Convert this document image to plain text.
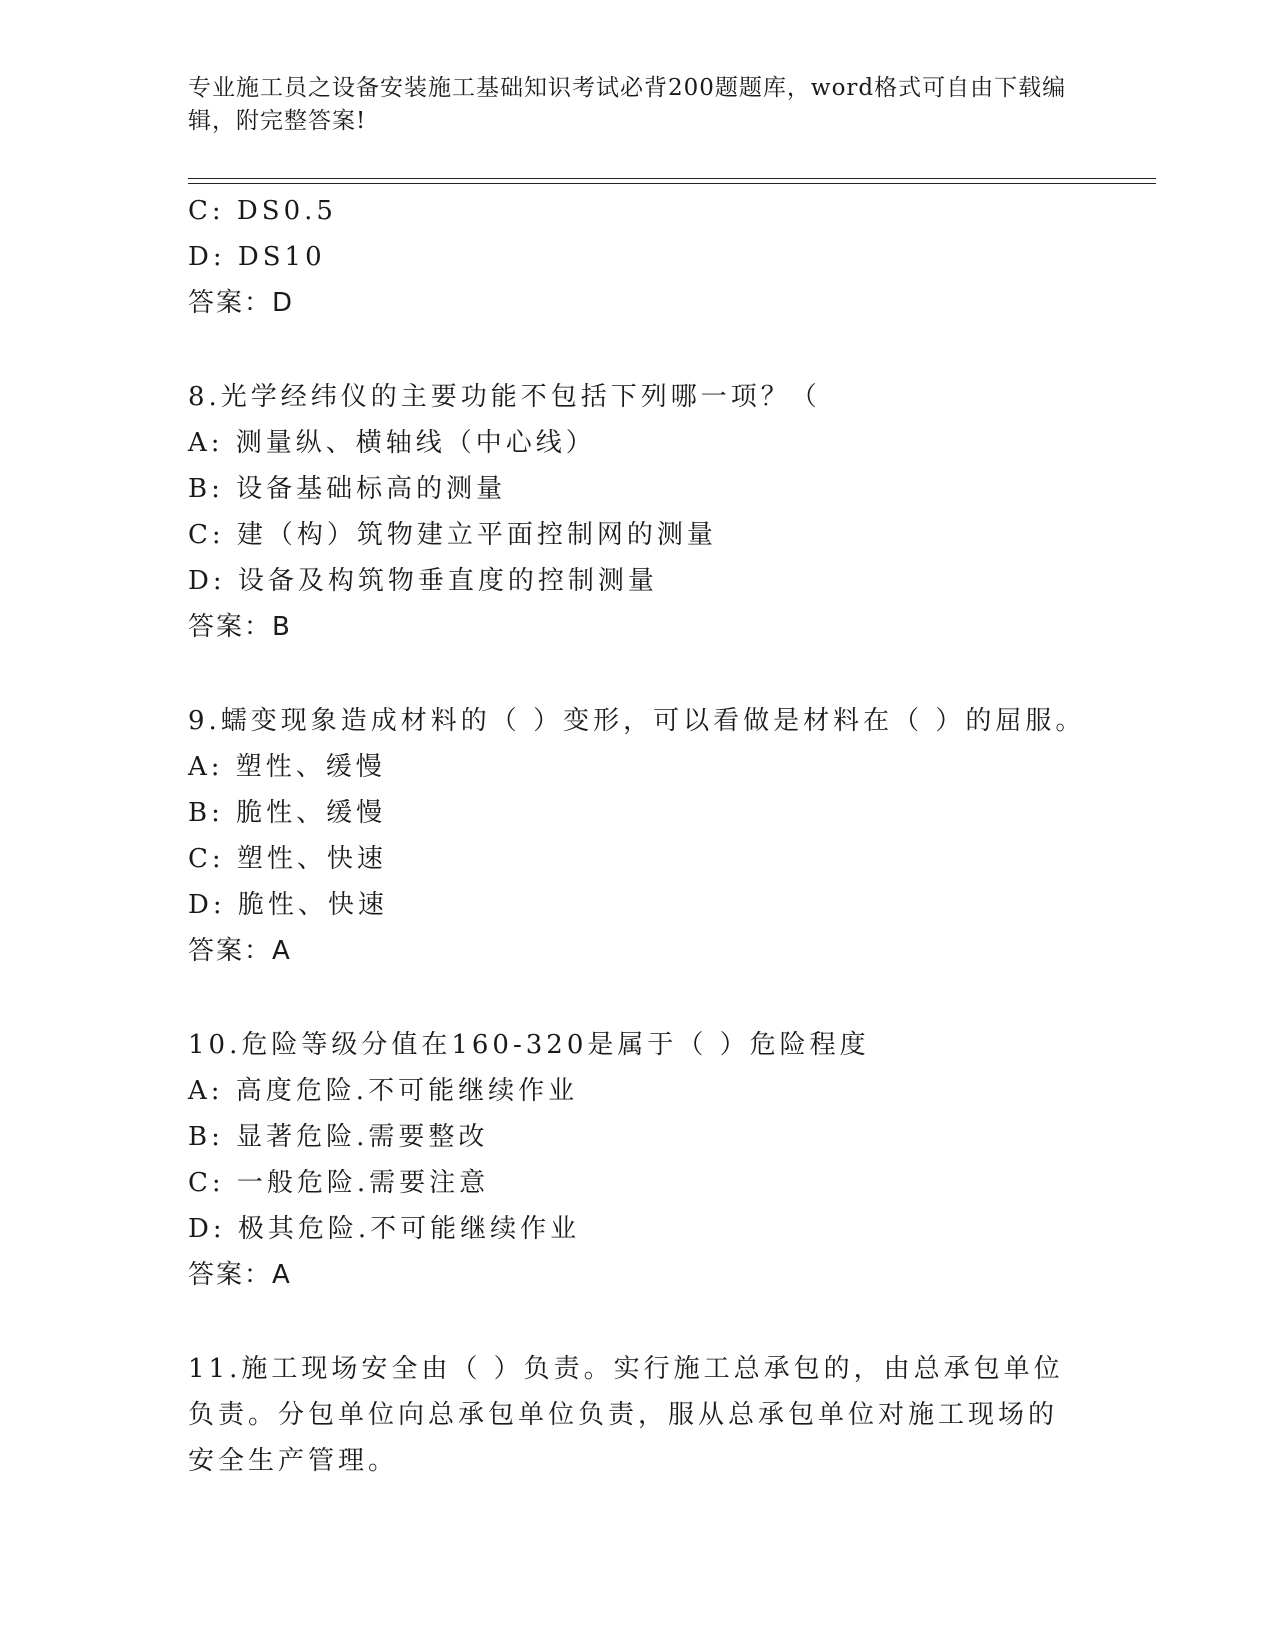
专业施工员之设备安装施工基础知识考试必背200题题库，word格式可自由下载编辑，附完整答案!
C: DS0.5
D: DS10
答案：D
8.光学经纬仪的主要功能不包括下列哪一项？（
A: 测量纵、横轴线（中心线）
B: 设备基础标高的测量
C: 建（构）筑物建立平面控制网的测量
D: 设备及构筑物垂直度的控制测量
答案：B
9.蠕变现象造成材料的（ ）变形，可以看做是材料在（ ）的屈服。
A: 塑性、缓慢
B: 脆性、缓慢
C: 塑性、快速
D: 脆性、快速
答案：A
10.危险等级分值在160-320是属于（ ）危险程度
A: 高度危险.不可能继续作业
B: 显著危险.需要整改
C: 一般危险.需要注意
D: 极其危险.不可能继续作业
答案：A
11.施工现场安全由（ ）负责。实行施工总承包的，由总承包单位负责。分包单位向总承包单位负责，服从总承包单位对施工现场的安全生产管理。
